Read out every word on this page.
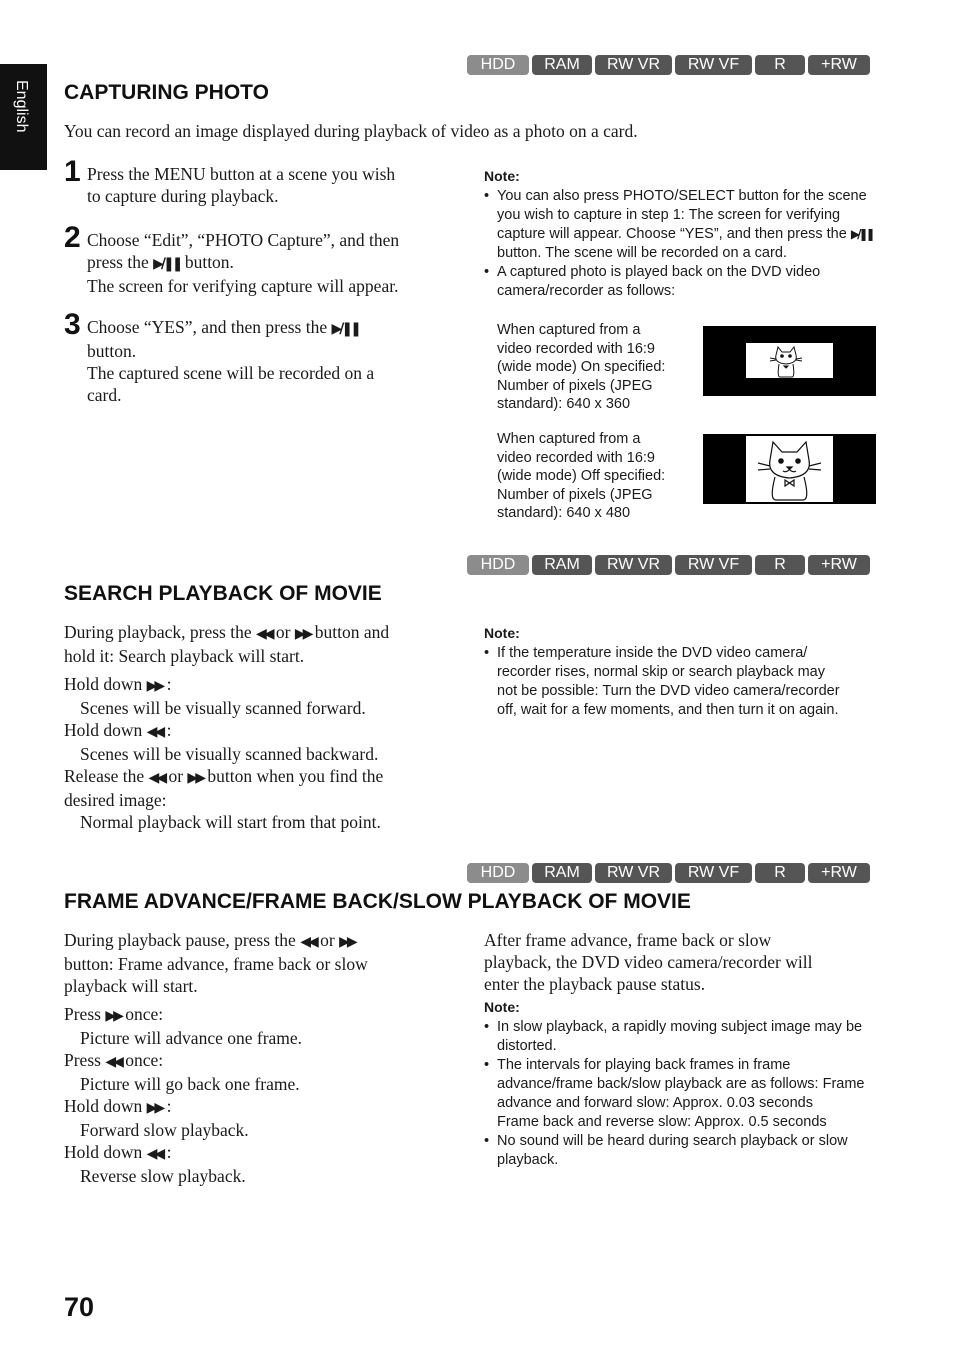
English
HDD	RAM	RW VR	RW VF	R	+RW
CAPTURING PHOTO
You can record an image displayed during playback of video as a photo on a card.
1 Press the MENU button at a scene you wish
to capture during playback.
2 Choose “Edit”, “PHOTO Capture”, and then
press the ▶/❚❚ button.
The screen for verifying capture will appear.
3 Choose “YES”, and then press the ▶/❚❚
button.
The captured scene will be recorded on a
card.
Note:
• You can also press PHOTO/SELECT button for the scene you wish to capture in step 1: The screen for verifying capture will appear. Choose “YES”, and then press the ▶/❚❚ button. The scene will be recorded on a card.
• A captured photo is played back on the DVD video
camera/recorder as follows:
When captured from a
video recorded with 16:9
(wide mode) On specified:
Number of pixels (JPEG
standard): 640 x 360
When captured from a
video recorded with 16:9
(wide mode) Off specified:
Number of pixels (JPEG
standard): 640 x 480
HDD	RAM	RW VR	RW VF	R	+RW
SEARCH PLAYBACK OF MOVIE
During playback, press the ◀◀ or ▶▶ button and
hold it: Search playback will start.
Hold down ▶▶ :
Scenes will be visually scanned forward.
Hold down ◀◀ :
Scenes will be visually scanned backward.
Release the ◀◀ or ▶▶ button when you find the
desired image:
Normal playback will start from that point.
Note:
• If the temperature inside the DVD video camera/
recorder rises, normal skip or search playback may
not be possible: Turn the DVD video camera/recorder
off, wait for a few moments, and then turn it on again.
HDD	RAM	RW VR	RW VF	R	+RW
FRAME ADVANCE/FRAME BACK/SLOW PLAYBACK OF MOVIE
During playback pause, press the ◀◀ or ▶▶
button: Frame advance, frame back or slow
playback will start.
Press ▶▶ once:
Picture will advance one frame.
Press ◀◀ once:
Picture will go back one frame.
Hold down ▶▶ :
Forward slow playback.
Hold down ◀◀ :
Reverse slow playback.
After frame advance, frame back or slow
playback, the DVD video camera/recorder will
enter the playback pause status.
Note:
• In slow playback, a rapidly moving subject image may be distorted.
• The intervals for playing back frames in frame advance/frame back/slow playback are as follows: Frame advance and forward slow: Approx. 0.03 seconds
Frame back and reverse slow: Approx. 0.5 seconds
• No sound will be heard during search playback or slow playback.
70
